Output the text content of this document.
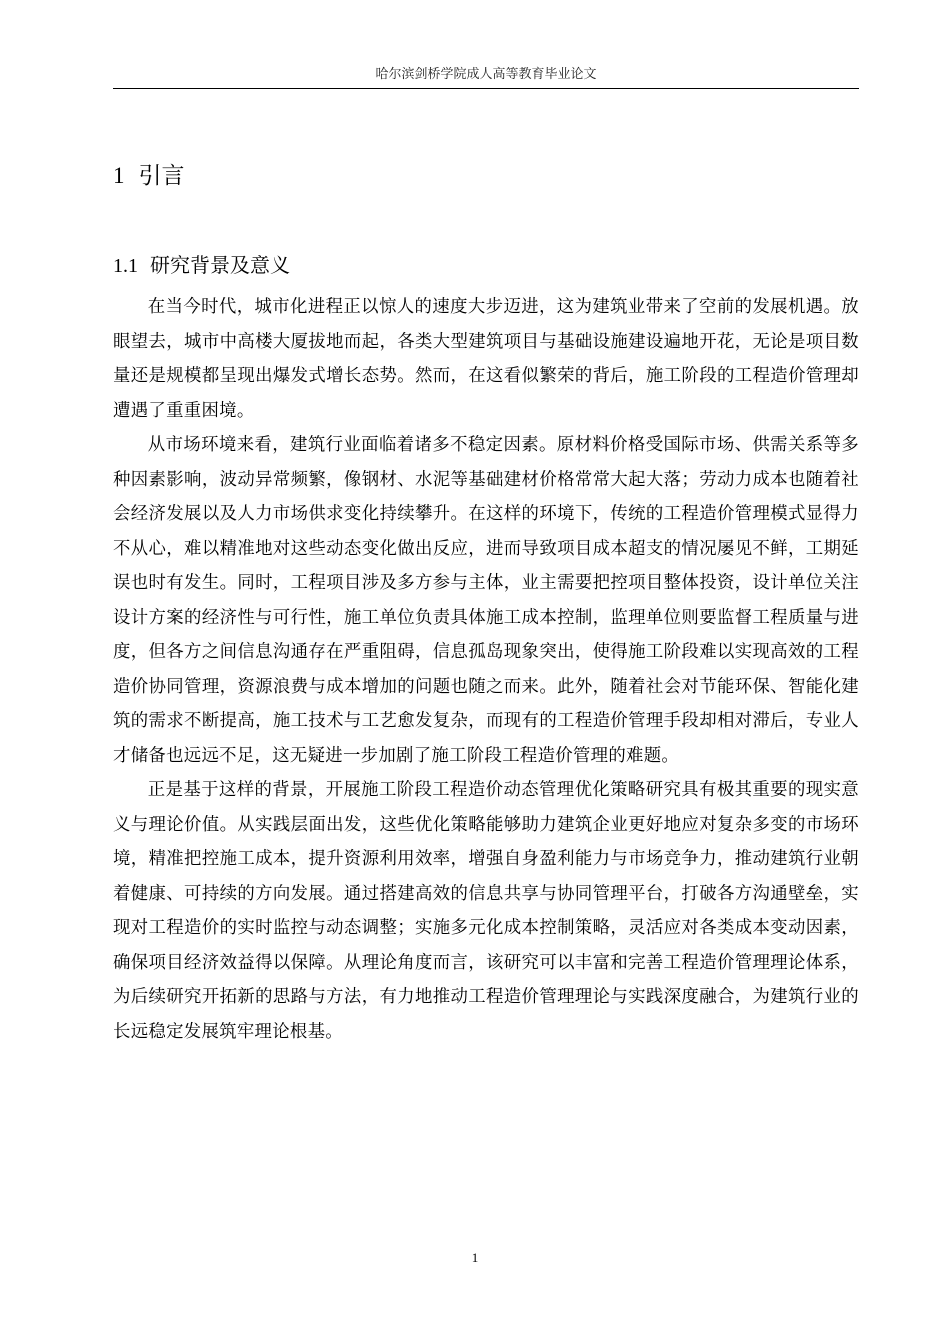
哈尔滨剑桥学院成人高等教育毕业论文
1 引言
1.1 研究背景及意义

在当今时代，城市化进程正以惊人的速度大步迈进，这为建筑业带来了空前的发展机遇。放眼望去，城市中高楼大厦拔地而起，各类大型建筑项目与基础设施建设遍地开花，无论是项目数量还是规模都呈现出爆发式增长态势。然而，在这看似繁荣的背后，施工阶段的工程造价管理却遭遇了重重困境。

从市场环境来看，建筑行业面临着诸多不稳定因素。原材料价格受国际市场、供需关系等多种因素影响，波动异常频繁，像钢材、水泥等基础建材价格常常大起大落；劳动力成本也随着社会经济发展以及人力市场供求变化持续攀升。在这样的环境下，传统的工程造价管理模式显得力不从心，难以精准地对这些动态变化做出反应，进而导致项目成本超支的情况屡见不鲜，工期延误也时有发生。同时，工程项目涉及多方参与主体，业主需要把控项目整体投资，设计单位关注设计方案的经济性与可行性，施工单位负责具体施工成本控制，监理单位则要监督工程质量与进度，但各方之间信息沟通存在严重阻碍，信息孤岛现象突出，使得施工阶段难以实现高效的工程造价协同管理，资源浪费与成本增加的问题也随之而来。此外，随着社会对节能环保、智能化建筑的需求不断提高，施工技术与工艺愈发复杂，而现有的工程造价管理手段却相对滞后，专业人才储备也远远不足，这无疑进一步加剧了施工阶段工程造价管理的难题。

正是基于这样的背景，开展施工阶段工程造价动态管理优化策略研究具有极其重要的现实意义与理论价值。从实践层面出发，这些优化策略能够助力建筑企业更好地应对复杂多变的市场环境，精准把控施工成本，提升资源利用效率，增强自身盈利能力与市场竞争力，推动建筑行业朝着健康、可持续的方向发展。通过搭建高效的信息共享与协同管理平台，打破各方沟通壁垒，实现对工程造价的实时监控与动态调整；实施多元化成本控制策略，灵活应对各类成本变动因素，确保项目经济效益得以保障。从理论角度而言，该研究可以丰富和完善工程造价管理理论体系，为后续研究开拓新的思路与方法，有力地推动工程造价管理理论与实践深度融合，为建筑行业的长远稳定发展筑牢理论根基。

1
